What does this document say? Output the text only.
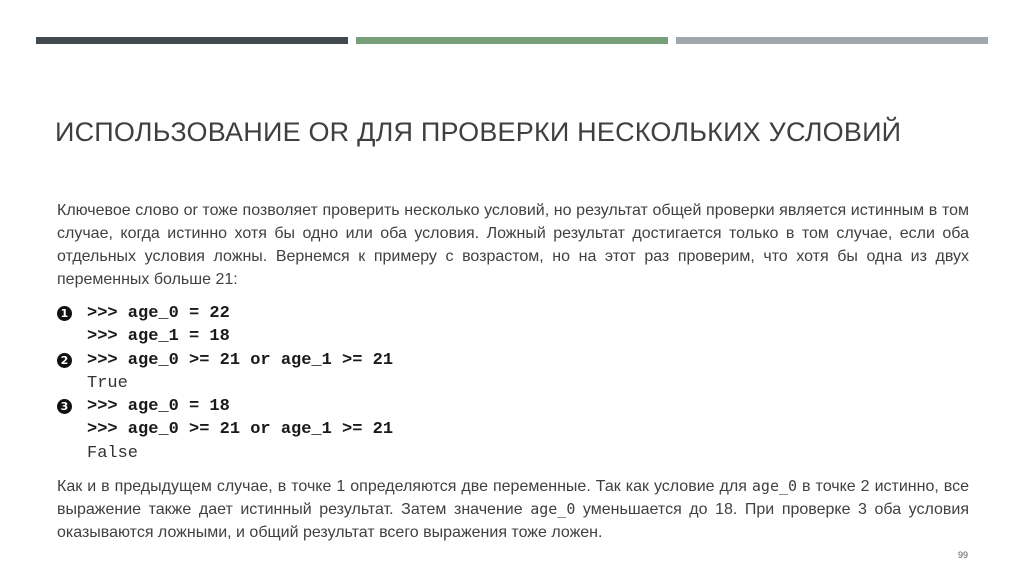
ИСПОЛЬЗОВАНИЕ OR ДЛЯ ПРОВЕРКИ НЕСКОЛЬКИХ УСЛОВИЙ
Ключевое слово or тоже позволяет проверить несколько условий, но результат общей проверки является истинным в том случае, когда истинно хотя бы одно или оба условия. Ложный результат достигается только в том случае, если оба отдельных условия ложны. Вернемся к примеру с возрастом, но на этот раз проверим, что хотя бы одна из двух переменных больше 21:
1 >>> age_0 = 22
>>> age_1 = 18
2 >>> age_0 >= 21 or age_1 >= 21
True
3 >>> age_0 = 18
>>> age_0 >= 21 or age_1 >= 21
False
Как и в предыдущем случае, в точке 1 определяются две переменные. Так как условие для age_0 в точке 2 истинно, все выражение также дает истинный результат. Затем значение age_0 уменьшается до 18. При проверке 3 оба условия оказываются ложными, и общий результат всего выражения тоже ложен.
99
